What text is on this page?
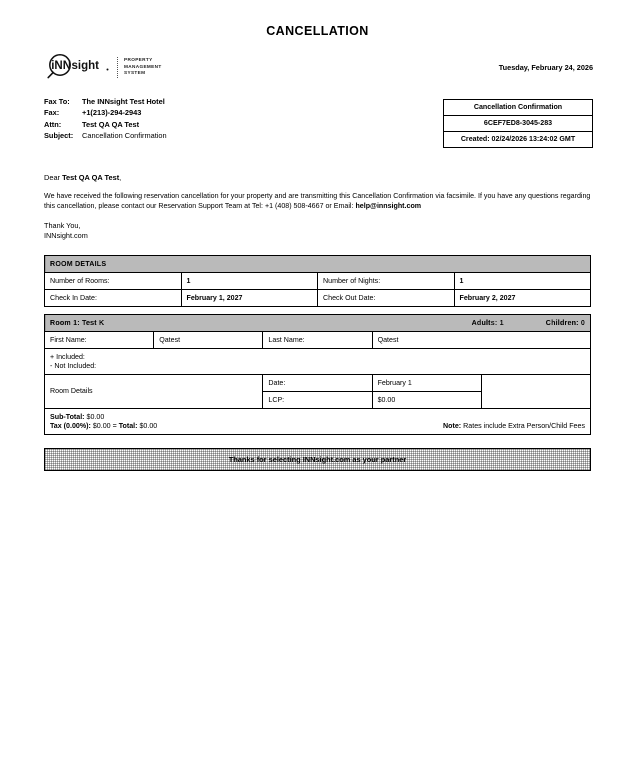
CANCELLATION
iNN sight
PROPERTY
MANAGEMENT
SYSTEM
Tuesday, February 24, 2026
Fax To:	The INNsight Test Hotel
Fax:	+1(213)-294-2943
Attn:	Test QA QA Test
Subject:	Cancellation Confirmation
Cancellation Confirmation
6CEF7ED8-3045-283
Created: 02/24/2026 13:24:02 GMT
Dear Test QA QA Test,
We have received the following reservation cancellation for your property and are transmitting this Cancellation Confirmation via facsimile. If you have any questions regarding this cancellation, please contact our Reservation Support Team at Tel: +1 (408) 508-4667 or Email: help@innsight.com
Thank You,
INNsight.com
ROOM DETAILS			
Number of Rooms:	1	Number of Nights:	1
Check In Date:	February 1, 2027	Check Out Date:	February 2, 2027
Room 1: Test K Adults: 1 Children: 0				

First Name:	Qatest	Last Name:	Qatest	

+ Included:
- Not Included:				

Room Details		Date:	February 1	
		LCP:	$0.00	

Sub-Total: $0.00
Tax (0.00%): $0.00 = Total: $0.00 Note: Rates include Extra Person/Child Fees				
Thanks for selecting INNsight.com as your partner
